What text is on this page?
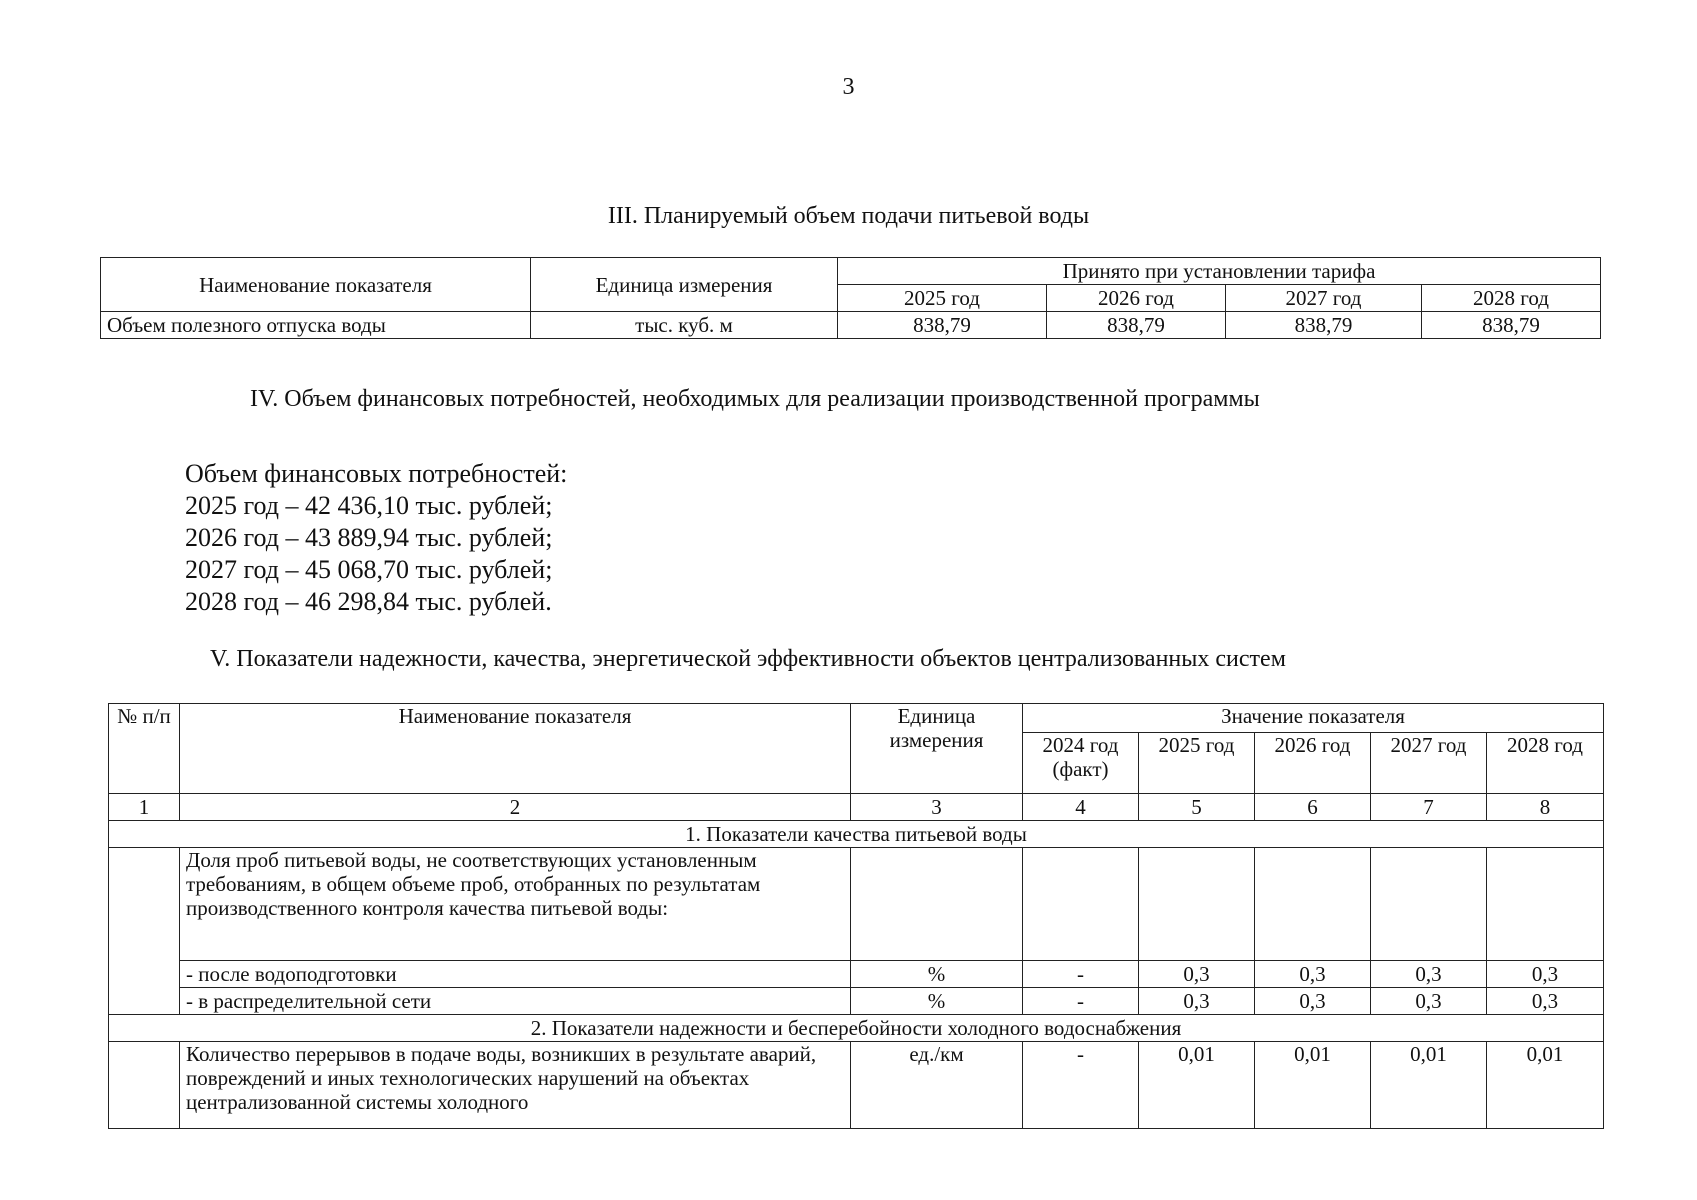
3
III. Планируемый объем подачи питьевой воды
Наименование показателя	Единица измерения	Принято при установлении тарифа			
		2025 год	2026 год	2027 год	2028 год
Объем полезного отпуска воды	тыс. куб. м	838,79	838,79	838,79	838,79
IV. Объем финансовых потребностей, необходимых для реализации производственной программы
Объем финансовых потребностей:
2025 год – 42 436,10 тыс. рублей;
2026 год – 43 889,94 тыс. рублей;
2027 год – 45 068,70 тыс. рублей;
2028 год – 46 298,84 тыс. рублей.
V. Показатели надежности, качества, энергетической эффективности объектов централизованных систем
№ п/п	Наименование показателя	Единица измерения	Значение показателя				
			2024 год (факт)	2025 год	2026 год	2027 год	2028 год
1	2	3	4	5	6	7	8
1. Показатели качества питьевой воды							
	Доля проб питьевой воды, не соответствующих установленным требованиям, в общем объеме проб, отобранных по результатам производственного контроля качества питьевой воды:						
	- после водоподготовки	%	-	0,3	0,3	0,3	0,3
	- в распределительной сети	%	-	0,3	0,3	0,3	0,3
2. Показатели надежности и бесперебойности холодного водоснабжения							
	Количество перерывов в подаче воды, возникших в результате аварий, повреждений и иных технологических нарушений на объектах централизованной системы холодного	ед./км	-	0,01	0,01	0,01	0,01
